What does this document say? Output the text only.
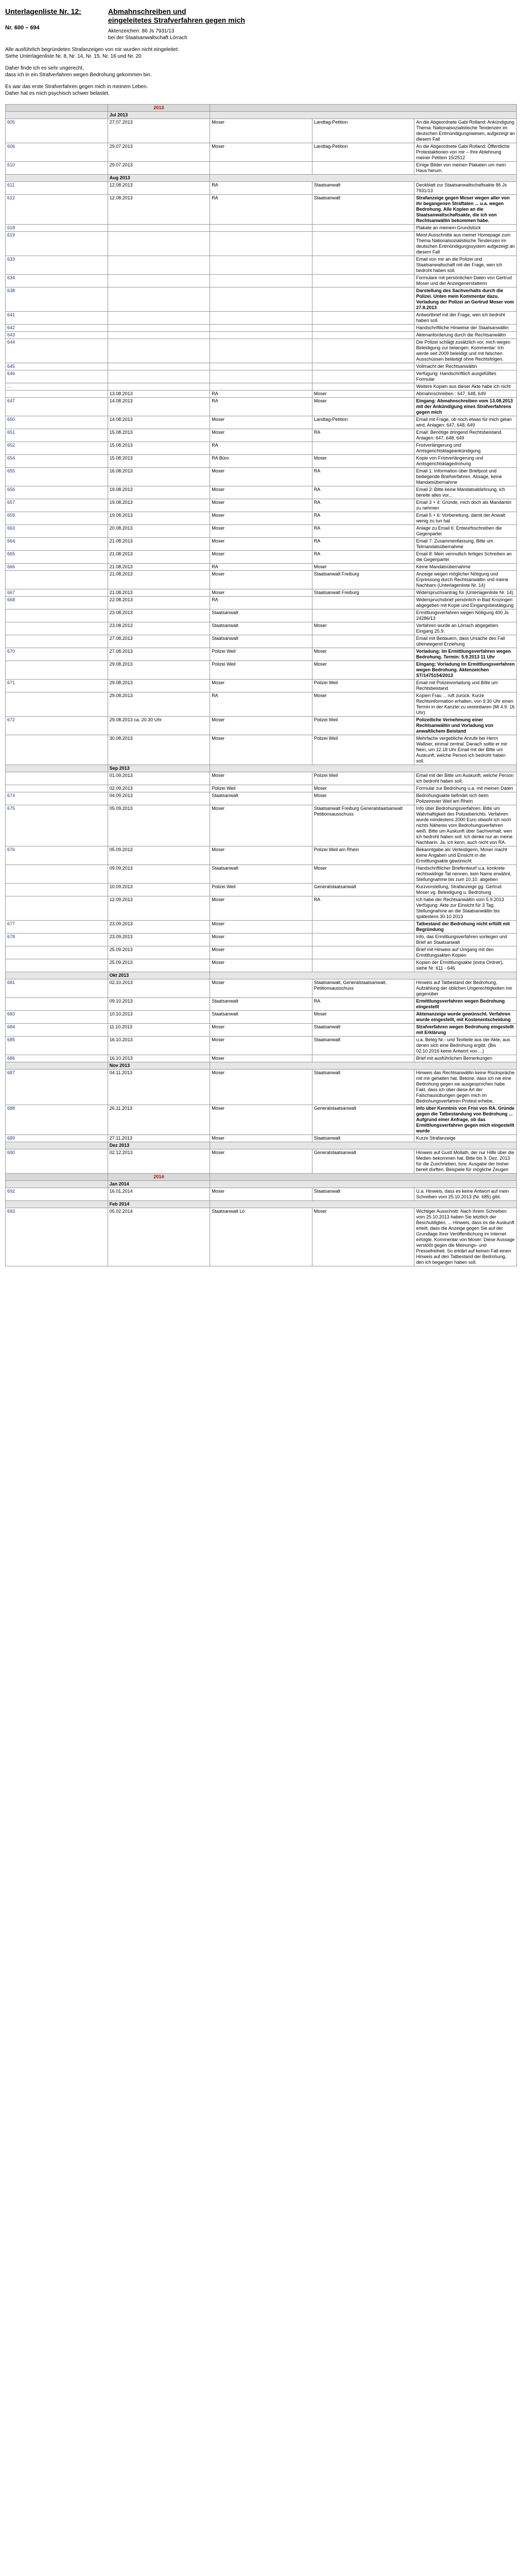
Unterlagenliste Nr. 12:
Nr. 600 – 694
Abmahnschreiben und
eingeleitetes Strafverfahren gegen mich
Aktenzeichen: 86 Js 7931/13
bei der Staatsanwaltschaft Lörrach

Alle ausführlich begründeten Strafanzeigen von mir wurden nicht eingeleitet:

Siehe Unterlagenliste Nr. 8, Nr. 14, Nr. 15, Nr. 16 und Nr. 20

Daher finde ich es sehr ungerecht,

dass ich in ein Strafverfahren wegen Bedrohung gekommen bin.

Es war das erste Strafverfahren gegen mich in meinem Leben.

Daher hat es mich psychisch schwer belastet.

	2013			
	Jul 2013			
605	27.07.2013	Moser	Landtag-Petition	An die Abgeordnete Gabi Rolland: Ankündigung Thema: Nationalsozialistische Tendenzen im deutschen Entmündigungswesen, aufgezeigt an diesem Fall
606	29.07.2013	Moser	Landtag-Petition	An die Abgeordnete Gabi Rolland: Öffentliche Protestaktionen von mir – Ihre Ablehnung meiner Petition 15/2512
610	29.07.2013			Einige Bilder von meinen Plakaten um mein Haus herum.
	Aug 2013			
611	12.08.2013	RA	Staatsanwalt	Deckblatt zur Staatsanwaltschaftsakte 86 Js 7931/13
612	12.08.2013	RA	Staatsanwalt	Strafanzeige gegen Moser wegen aller von ihr begangenen Straftaten ... u.a. wegen Bedrohung. Alle Kopien an die Staatsanwaltschaftsakte, die ich von Rechtsanwältin bekommen habe.
618				Plakate an meinem Grundstück
619				Meist Ausschnitte aus meiner Homepage zum Thema Nationalsozialistische Tendenzen im deutschen Entmündigungssystem aufgezeigt an diesem Fall
633				Email von mir an die Polizei und Staatsanwaltschaft mit der Frage, wen ich bedroht haben soll.
634				Formulare mit persönlichen Daten von Gertrud Moser und der Anzeigenerstatterin
638				Darstellung des Sachverhalts durch die Polizei. Unten mein Kommentar dazu. Vorladung der Polizei an Gertrud Moser vom 27.8.2013
641				Antwortbrief mit der Frage, wen ich bedroht haben soll.
642				Handschriftliche Hinweise der Staatsanwältin
643				Aktenanforderung durch die Rechtsanwältin
644				Die Polizei schlägt zusätzlich vor, mich wegen Beleidigung zur belangen. Kommentar: Ich werde seit 2009 beleidigt und mit falschen Ausschüssen belästigt ohne Rechtsfolgen.
645				Vollmacht der Rechtsanwältin
646				Verfügung: Handschriftlich ausgefülltes Formular
…				Weitere Kopien aus dieser Akte habe ich nicht
	13.08.2013	RA	Moser	Abmahnschreiben : 647, 648, 649
647	14.08.2013	RA	Moser	Eingang: Abmahnschreiben vom 13.08.2013 mit der Ankündigung eines Strafverfahrens gegen mich
650	14.08.2013	Moser	Landtag-Petition	Email mit Frage, ob noch etwas für mich getan wird. Anlagen: 647, 648, 649
651	15.08.2013	Moser	RA	Email: Benötige dringend Rechtsbeistand. Anlagen: 647, 648, 649
652	15.08.2013	RA		Fristverlängerung und Amtsgerichtsklageankündigung
654	15.08.2013	RA Büro	Moser	Kopie von Fristverlängerung und Amtsgerichtsklagedrohung
655	16.08.2013	Moser	RA	Email 1: Information über Briefpost und beiliegende Briefverfahren. Absage, keine Mandatsübernahme
656	19.08.2013	Moser	RA	Email 2: Bitte keine Mandatsablehnung, ich bereite alles vor...
657	19.08.2013	Moser	RA	Email 3 + 4: Gründe, mich doch als Mandantin zu nehmen
659	19.08.2013	Moser	RA	Email 5 + 6: Vorbereitung, damit der Anwalt wenig zu tun hat.
663	20.08.2013	Moser	RA	Anlage zu Email 6: Entwurfsschreiben die Gegenpartei
664	21.08.2013	Moser	RA	Email 7: Zusammenfassung, Bitte um Telmandatsübernahme
665	21.08.2013	Moser	RA	Email 8: Mein vermutlich fertiges Schreiben an die Gegenpartei
666	21.08.2013	RA	Moser	Keine Mandatsübernahme
	21.08.2013	Moser	Staatsanwalt Freiburg	Anzeige wegen möglicher Nötigung und Erpressung durch Rechtsanwältin und meine Nachbarn (Unterlagenliste Nr. 14)
667	21.08.2013	Moser	Staatsanwalt Freiburg	Widerspruchsantrag für (Unterlagenliste Nr. 14)
668	22.08.2013	RA		Widerspruchsbrief persönlich in Bad Krozingen abgegeben mit Kopie und Eingangsbestätigung
	23.08.2013	Staatsanwalt		Ermittlungsverfahren wegen Nötigung 400 Js 24286/13
	23.08.2013	Staatsanwalt	Moser	Verfahren wurde an Lörrach abgegeben. Eingang 25.9.
	27.08.2013	Staatsanwalt		Email mit Bedauern, dass Ursache des Fall überwiegend Erziehung
670	27.08.2013	Polizei Weil	Moser	Vorladung: Im Ermittlungsverfahren wegen Bedrohung. Termin: 5.9.2013 11 Uhr
	29.08.2013	Polizei Weil	Moser	Eingang: Vorladung im Ermittlungsverfahren wegen Bedrohung. Aktenzeichen ST/1475154/2013
671	29.08.2013	Moser	Polizei Weil	Email mit Polizeivorladung und Bitte um Rechtsbeistand
	29.08.2013	RA	Moser	Kopien Frau ... ruft zurück. Kurze Rechtsinformation erhalten, von 9.30 Uhr einen Termin in der Kanzlei zu vereinbaren (Mi 4.9. 16 Uhr)
672	29.08.2013 ca. 20.30 Uhr	Moser	Polizei Weil	Polizeiliche Vernehmung einer Rechtsanwältin und Vorladung von anwaltlichem Beistand
	30.08.2013	Moser	Polizei Weil	Mehrfache vergebliche Anrufe bei Herrn Walliser, einmal zentral. Danach sollte er mir Nein, um 12.18 Uhr Email mit der Bitte um Auskunft, welche Person ich bedroht haben soll.
	Sep 2013			
	01.09.2013	Moser	Polizei Weil	Email mit der Bitte um Auskunft, welche Person ich bedroht haben soll.
	02.09.2013	Polizei Weil	Moser	Formular zur Bedrohung u.a. mit meinen Daten
674	04.09.2013	Staatsanwalt	Moser	Bedrohungsakte befindet sich beim Polizeirevier Weil am Rhein
675	05.09.2013	Moser	Staatsanwalt Freiburg Generalstaatsanwalt Petitionsausschuss	Info über Bedrohungsverfahren. Bitte um Wahrhaftigkeit des Polizeiberichts. Verfahren wurde mindestens 2000 Euro obwohl ich noch nichts Näheres vom Bedrohungsverfahren weiß. Bitte um Auskunft über Sachverhalt, wen ich bedroht haben soll. Ich denke nur an meine Nachbarin. Ja, ich kenn, auch nicht von RA.
676	05.09.2013	Moser	Polizei Weil am Rhein	Bekanntgabe als Verteidigerin, Moser macht keine Angaben und Einsicht in die Ermittlungsakte gewünscht
	09.09.2013	Staatsanwalt	Moser	Handschriftlicher Briefentwurf u.a. konkrete rechtswidrige Tat nennen, kein Name erwähnt, Stellungnahme bis zum 10.10. abgeben
	10.09.2013	Polizei Weil	Generalstaatsanwalt	Kurzvorstellung, Strafanzeige gg. Gertrud Moser vg. Beleidigung u. Bedrohung
	12.09.2013	Moser	RA	Ich habe der Rechtsanwältin vom 5.9.2013 Verfügung: Akte zur Einsicht für 3 Tag. Stellungnahme an die Staatsanwältin bis spätestens 30.10.2013
677	23.09.2013	Moser		Tatbestand der Bedrohung nicht erfüllt mit Begründung
678	23.09.2013	Moser		Info, das Ermittlungsverfahren vorliegen und Brief an Staatsanwalt
	25.09.2013	Moser		Brief mit Hinweis auf Umgang mit den Ermittlungsakten Kopien
	25.09.2013	Moser		Kopien der Ermittlungsakte (extra Ordner), siehe Nr. 611 - 646
	Okt 2013			
681	02.10.2013	Moser	Staatsanwalt, Generalstaatsanwalt, Petitionsausschuss	Hinweis auf Tatbestand der Bedrohung, Aufzählung der üblichen Ungerechtigkeiten mir gegenüber
	09.10.2013	Staatsanwalt	RA	Ermittlungsverfahren wegen Bedrohung eingestellt
683	10.10.2013	Staatsanwalt	Moser	Aktenanzeige wurde gewünscht. Verfahren wurde eingestellt, mit Kostenentscheidung
684	11.10.2013	Moser	Staatsanwalt	Strafverfahren wegen Bedrohung eingestellt mit Erklärung
685	16.10.2013	Moser	Staatsanwalt	u.a. Beleg Nr.- und Textteile aus der Akte, aus denen sich eine Bedrohung ergibt. (Bis 02.10.2016 keine Antwort von ...)
686	16.10.2013	Moser		Brief mit ausführlichen Bemerkungen
	Nov 2013			
687	04.11.2013	Moser	Staatsanwalt	Hinweis das Rechtsanwältin keine Rückspräche mit mir gehalten hat. Betone, dass ich nie eine Bedrohung gegen sie ausgesprochen habe. Fakt, dass ich über diese Art der Falschausübungen gegen mich im Bedrohungsverfahren Protest erhebe.
688	26.11.2013	Moser	Generalstaatsanwalt	Info über Kenntnis von Frist von RA. Gründe gegen die Tatbestandung von Bedrohung ... Aufgrund einer Anfrage, ob das Ermittlungsverfahren gegen mich eingestellt wurde
689	27.11.2013	Moser	Staatsanwalt	Kurze Strafanzeige
	Dez 2013			
690	02.12.2013	Moser	Generalstaatsanwalt	Hinweis auf Gustl Mollath, der nur Hilfe über die Medien bekommen hat. Bitte bis 9. Dez. 2013 für die Zuschrieben, bzw. Ausgabe der bisher bereit durften. Beispiele für mögliche Zeugen
	2014			
	Jan 2014			
692	16.01.2014	Moser	Staatsanwalt	U.a. Hinweis, dass es keine Antwort auf mein Schreiben vom 25.10.2013 (Nr. 685) gibt.
	Feb 2014			
693	05.02.2014	Staatsanwalt Lö	Moser	Wichtiger Ausschnitt: Nach Ihrem Schreiben vom 25.10.2013 haben Sie letztlich der Beschuldigten, ... Hinweis, dass es die Auskunft erteilt, dass die Anzeige gegen Sie auf der Grundlage Ihrer Veröffentlichung im Internet erfolgte. Kommentar von Moser: Diese Aussage verstößt gegen die Meinungs- und Pressefreiheit. So erklärt auf keinen Fall einen Hinweis auf den Tatbestand der Bedrohung, den ich begangen haben soll.
